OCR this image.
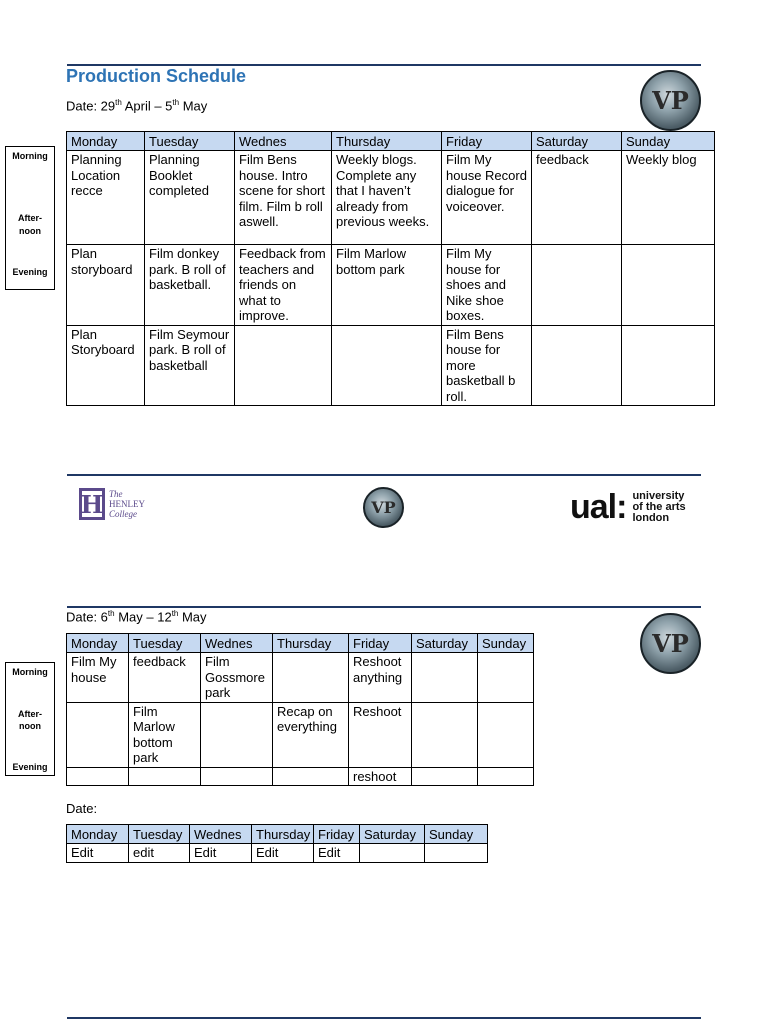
Production Schedule
VP
Date: 29th April – 5th May
Morning
After-
noon
Evening
Monday	Tuesday	Wednes	Thursday	Friday	Saturday	Sunday
Planning Location recce	Planning Booklet completed	Film Bens house. Intro scene for short film. Film b roll aswell.	Weekly blogs. Complete any that I haven’t already from previous weeks.	Film My house Record dialogue for voiceover.	feedback	Weekly blog
Plan storyboard	Film donkey park. B roll of basketball.	Feedback from teachers and friends on what to improve.	Film Marlow bottom park	Film My house for shoes and Nike shoe boxes.		
Plan Storyboard	Film Seymour park. B roll of basketball			Film Bens house for more basketball b roll.		
H The
HENLEY
College	VP	ual: university
of the arts
london
Date: 6th May – 12th May
VP
Morning
After-
noon
Evening
Monday	Tuesday	Wednes	Thursday	Friday	Saturday	Sunday
Film My house	feedback	Film Gossmore park		Reshoot anything		
	Film Marlow bottom park		Recap on everything	Reshoot		
				reshoot		
Date:
Monday	Tuesday	Wednes	Thursday	Friday	Saturday	Sunday
Edit	edit	Edit	Edit	Edit		
